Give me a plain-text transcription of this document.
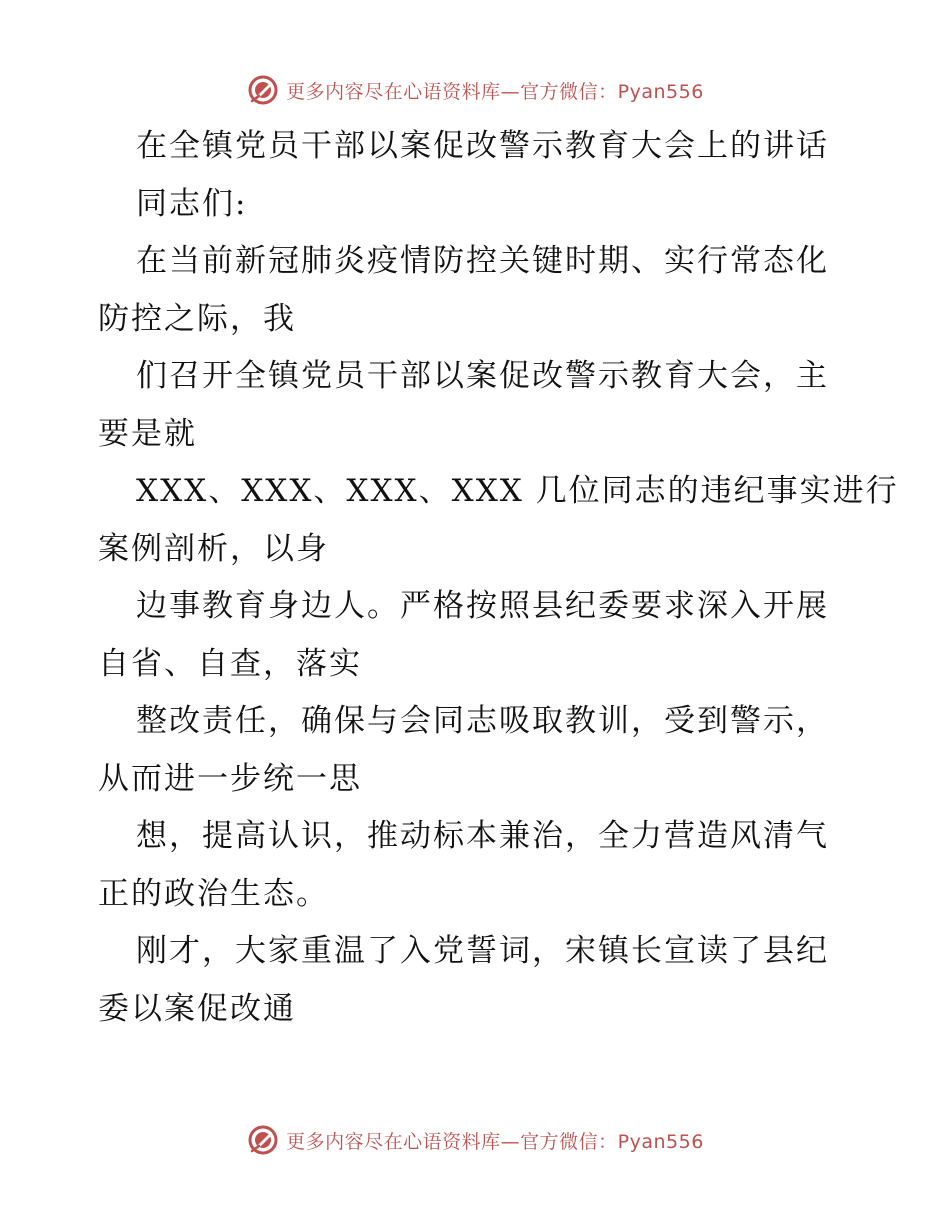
更多内容尽在心语资料库—官方微信：Pyan556
在全镇党员干部以案促改警示教育大会上的讲话
同志们:
在当前新冠肺炎疫情防控关键时期、实行常态化
防控之际，我
们召开全镇党员干部以案促改警示教育大会，主
要是就
XXX、XXX、XXX、XXX 几位同志的违纪事实进行
案例剖析，以身
边事教育身边人。严格按照县纪委要求深入开展
自省、自查，落实
整改责任，确保与会同志吸取教训，受到警示，
从而进一步统一思
想，提高认识，推动标本兼治，全力营造风清气
正的政治生态。
刚才，大家重温了入党誓词，宋镇长宣读了县纪
委以案促改通
更多内容尽在心语资料库—官方微信：Pyan556
